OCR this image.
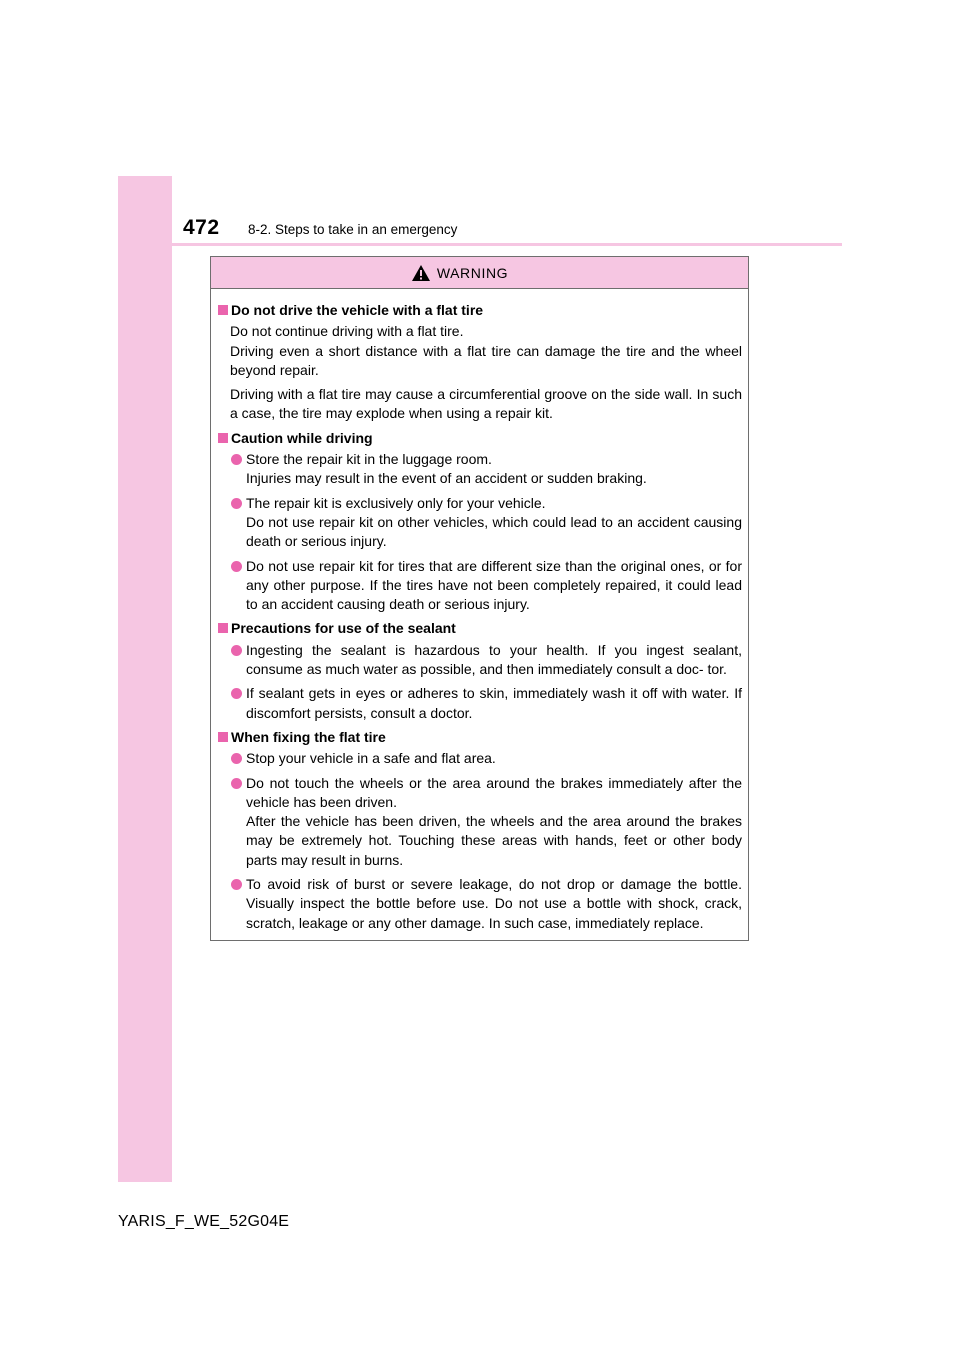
472 8-2. Steps to take in an emergency
WARNING
Do not drive the vehicle with a flat tire
Do not continue driving with a flat tire.
Driving even a short distance with a flat tire can damage the tire and the wheel beyond repair.
Driving with a flat tire may cause a circumferential groove on the side wall. In such a case, the tire may explode when using a repair kit.
Caution while driving
Store the repair kit in the luggage room.
Injuries may result in the event of an accident or sudden braking.
The repair kit is exclusively only for your vehicle.
Do not use repair kit on other vehicles, which could lead to an accident causing death or serious injury.
Do not use repair kit for tires that are different size than the original ones, or for any other purpose. If the tires have not been completely repaired, it could lead to an accident causing death or serious injury.
Precautions for use of the sealant
Ingesting the sealant is hazardous to your health. If you ingest sealant, consume as much water as possible, and then immediately consult a doc- tor.
If sealant gets in eyes or adheres to skin, immediately wash it off with water. If discomfort persists, consult a doctor.
When fixing the flat tire
Stop your vehicle in a safe and flat area.
Do not touch the wheels or the area around the brakes immediately after the vehicle has been driven.
After the vehicle has been driven, the wheels and the area around the brakes may be extremely hot. Touching these areas with hands, feet or other body parts may result in burns.
To avoid risk of burst or severe leakage, do not drop or damage the bottle. Visually inspect the bottle before use. Do not use a bottle with shock, crack, scratch, leakage or any other damage. In such case, immediately replace.
YARIS_F_WE_52G04E
